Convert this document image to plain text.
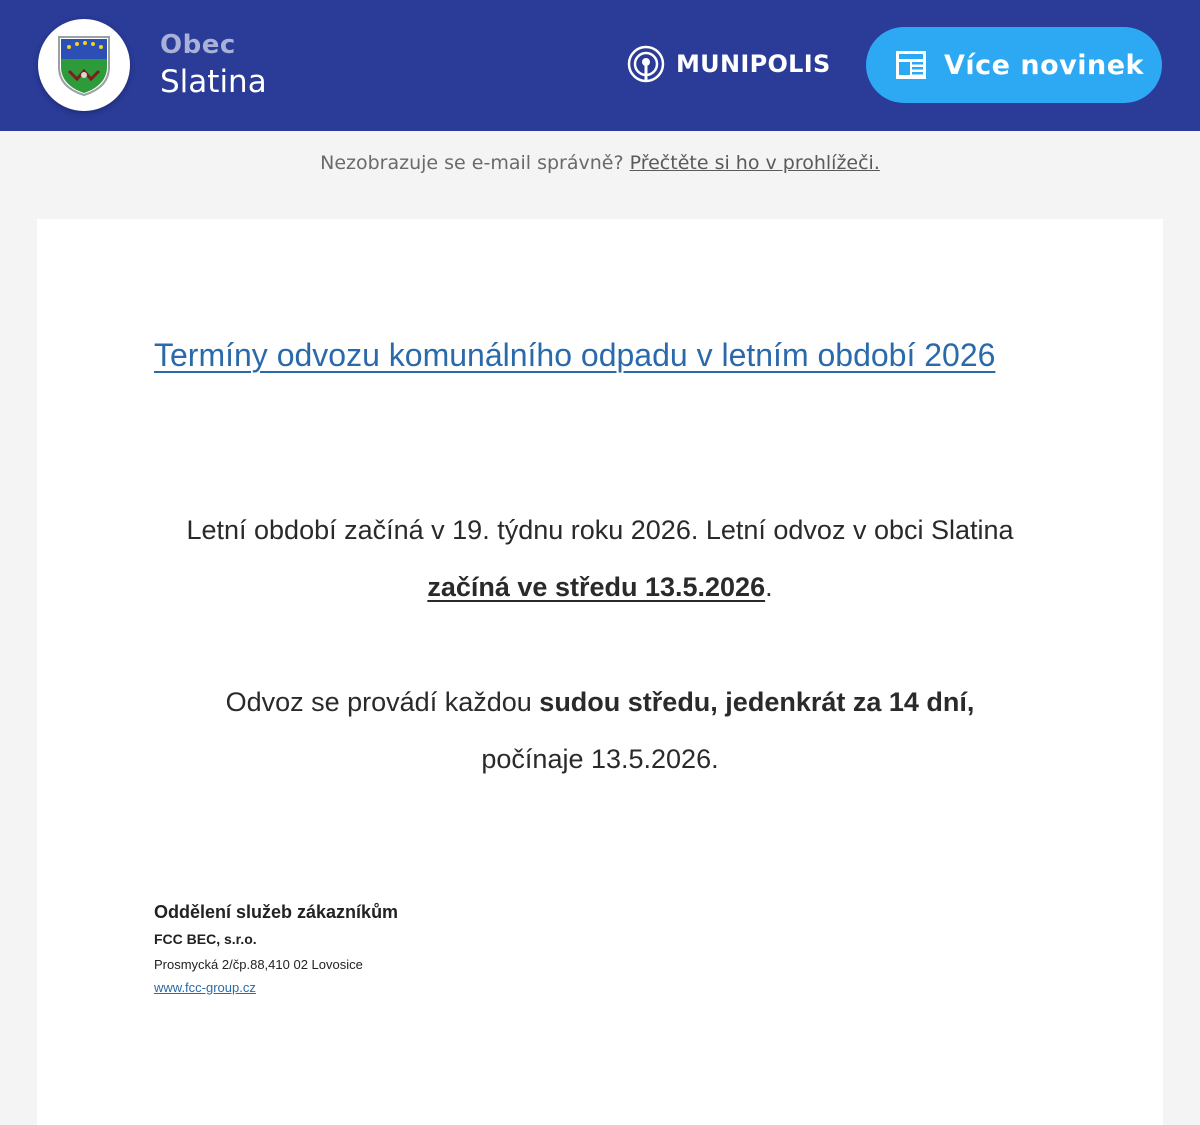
Obec
Slatina	MUNIPOLIS	Více novinek
Nezobrazuje se e-mail správně? Přečtěte si ho v prohlížeči.
Termíny odvozu komunálního odpadu v letním období 2026
Letní období začíná v 19. týdnu roku 2026. Letní odvoz v obci Slatina
začíná ve středu 13.5.2026.
Odvoz se provádí každou sudou středu, jedenkrát za 14 dní,
počínaje 13.5.2026.
Oddělení služeb zákazníkům
FCC BEC, s.r.o.
Prosmycká 2/čp.88,410 02 Lovosice
www.fcc-group.cz
